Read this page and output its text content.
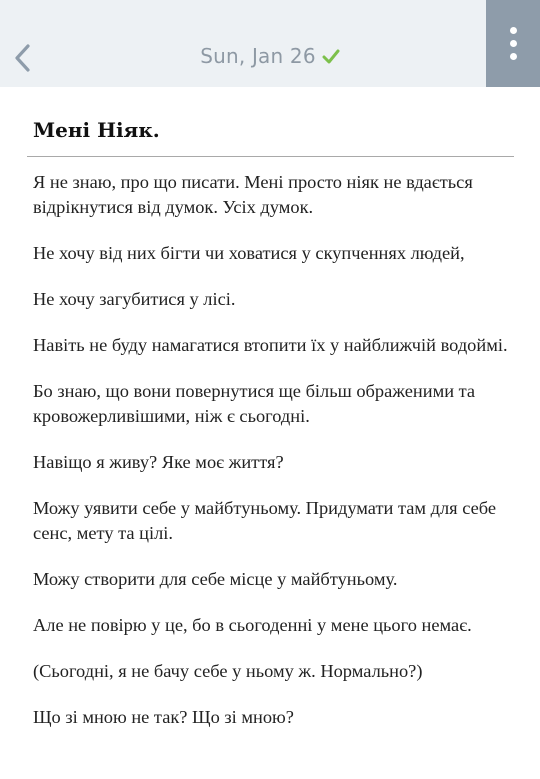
Sun, Jan 26
Мені Ніяк.

Я не знаю, про що писати. Мені просто ніяк не вдається відрікнутися від думок. Усіх думок.

Не хочу від них бігти чи ховатися у скупченнях людей,

Не хочу загубитися у лісі.

Навіть не буду намагатися втопити їх у найближчій водоймі.

Бо знаю, що вони повернутися ще більш ображеними та кровожерливішими, ніж є сьогодні.

Навіщо я живу? Яке моє життя?

Можу уявити себе у майбтуньому. Придумати там для себе сенс, мету та цілі.

Можу створити для себе місце у майбтуньому.

Але не повірю у це, бо в сьогоденні у мене цього немає.

(Сьогодні, я не бачу себе у ньому ж. Нормально?)

Що зі мною не так? Що зі мною?
